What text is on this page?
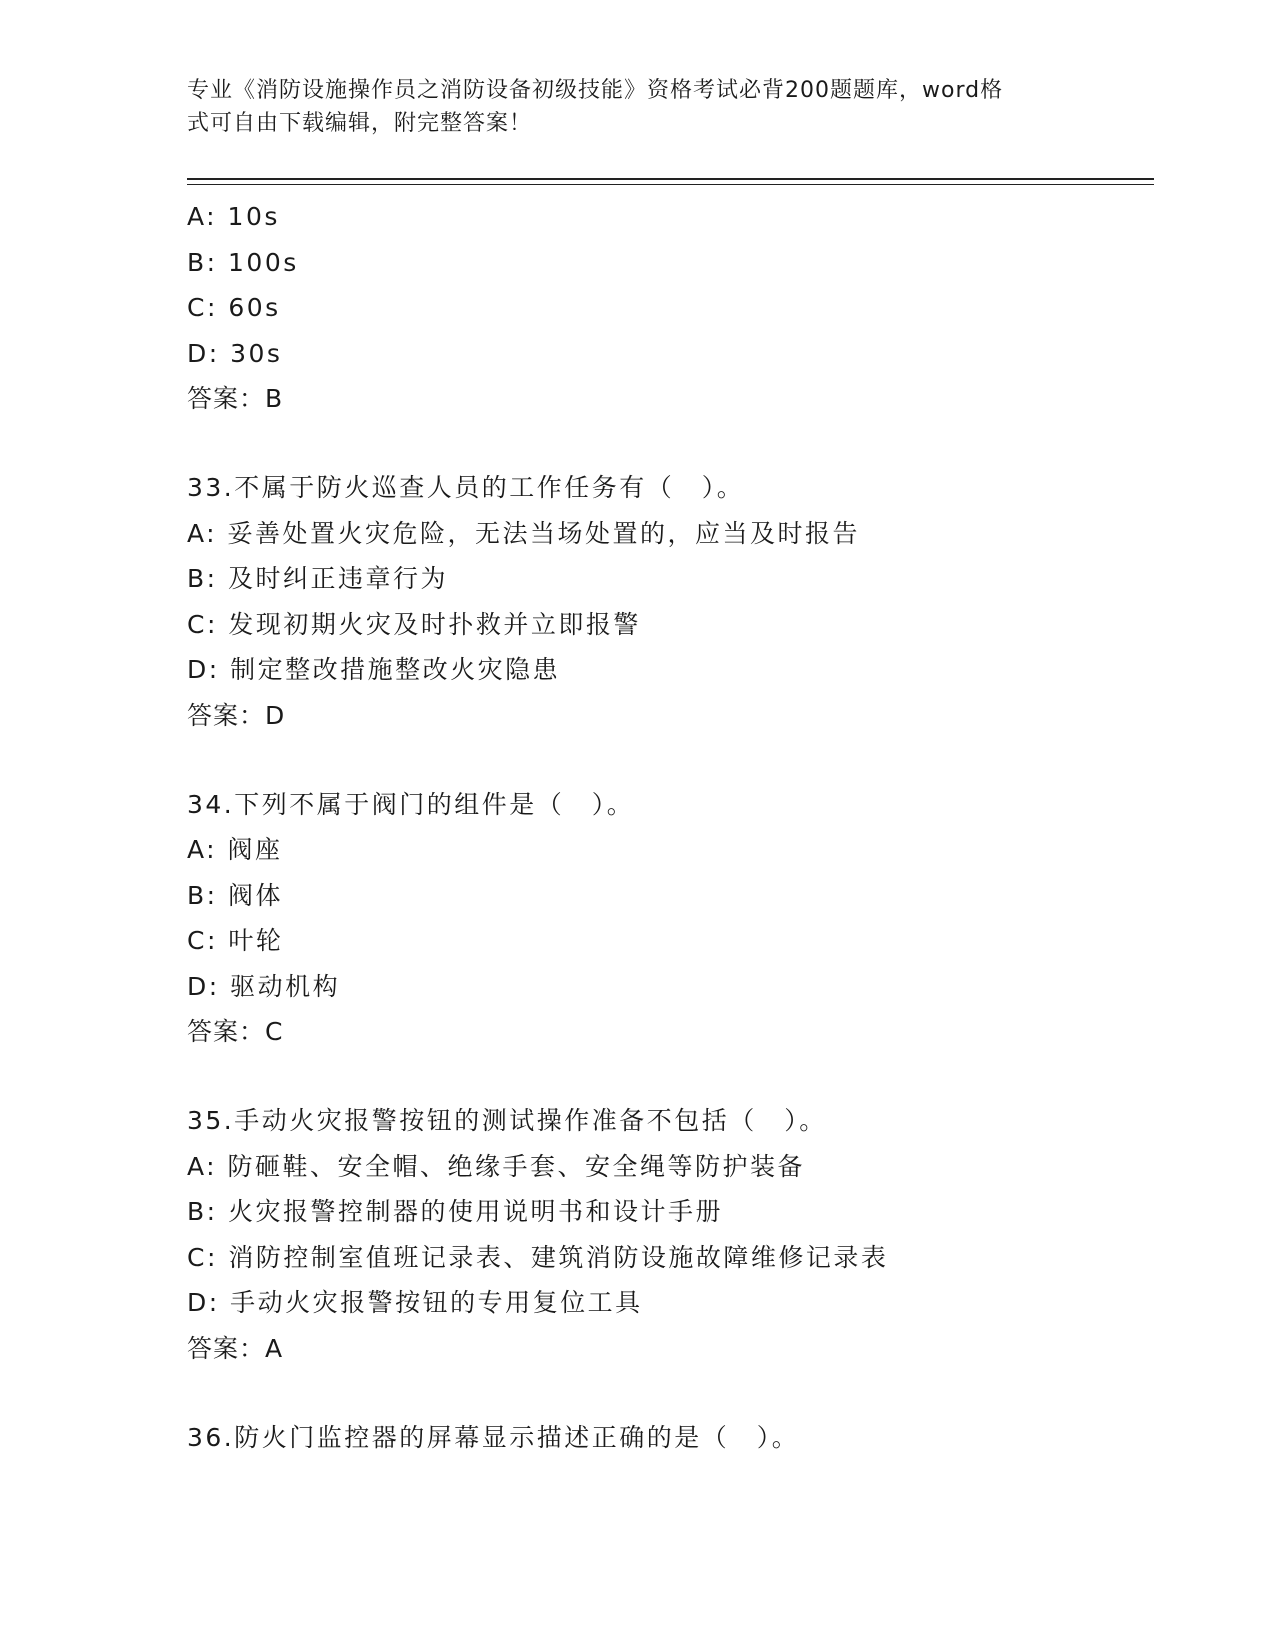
专业《消防设施操作员之消防设备初级技能》资格考试必背200题题库，word格
式可自由下载编辑，附完整答案！
A: 10s
B: 100s
C: 60s
D: 30s
答案：B
33.不属于防火巡查人员的工作任务有（　）。
A: 妥善处置火灾危险，无法当场处置的，应当及时报告
B: 及时纠正违章行为
C: 发现初期火灾及时扑救并立即报警
D: 制定整改措施整改火灾隐患
答案：D
34.下列不属于阀门的组件是（　）。
A: 阀座
B: 阀体
C: 叶轮
D: 驱动机构
答案：C
35.手动火灾报警按钮的测试操作准备不包括（　）。
A: 防砸鞋、安全帽、绝缘手套、安全绳等防护装备
B: 火灾报警控制器的使用说明书和设计手册
C: 消防控制室值班记录表、建筑消防设施故障维修记录表
D: 手动火灾报警按钮的专用复位工具
答案：A
36.防火门监控器的屏幕显示描述正确的是（　）。
